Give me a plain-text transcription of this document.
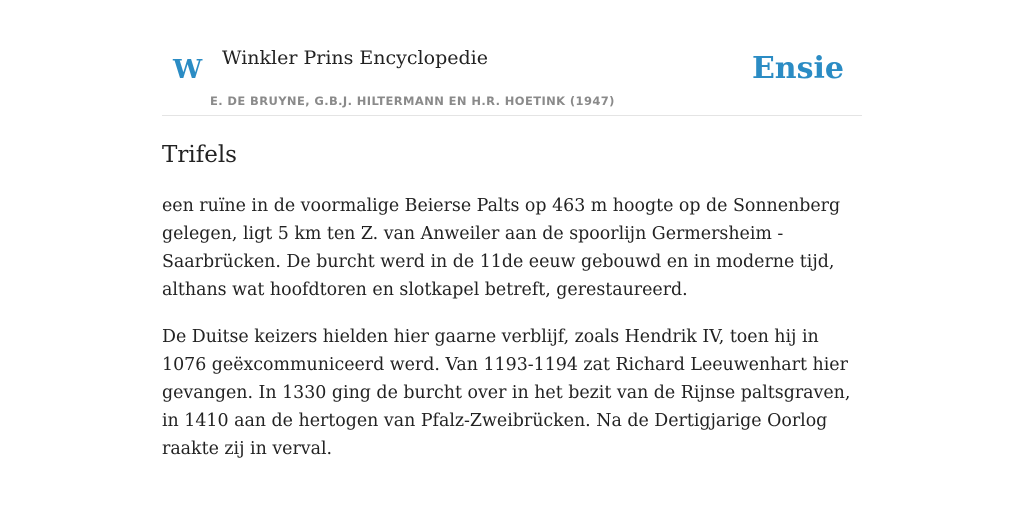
W Winkler Prins Encyclopedie
E. DE BRUYNE, G.B.J. HILTERMANN EN H.R. HOETINK (1947)
Ensie
Trifels

een ruïne in de voormalige Beierse Palts op 463 m hoogte op de Sonnenberg gelegen, ligt 5 km ten Z. van Anweiler aan de spoorlijn Germersheim - Saarbrücken. De burcht werd in de 11de eeuw gebouwd en in moderne tijd, althans wat hoofdtoren en slotkapel betreft, gerestaureerd.

De Duitse keizers hielden hier gaarne verblijf, zoals Hendrik IV, toen hij in 1076 geëxcommuniceerd werd. Van 1193-1194 zat Richard Leeuwenhart hier gevangen. In 1330 ging de burcht over in het bezit van de Rijnse paltsgraven, in 1410 aan de hertogen van Pfalz-Zweibrücken. Na de Dertigjarige Oorlog raakte zij in verval.
